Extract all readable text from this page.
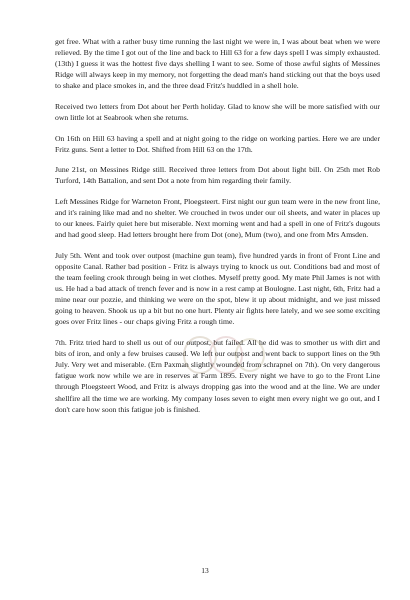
get free. What with a rather busy time running the last night we were in, I was about beat when we were relieved. By the time I got out of the line and back to Hill 63 for a few days spell I was simply exhausted. (13th) I guess it was the hottest five days shelling I want to see. Some of those awful sights of Messines Ridge will always keep in my memory, not forgetting the dead man's hand sticking out that the boys used to shake and place smokes in, and the three dead Fritz's huddled in a shell hole.

Received two letters from Dot about her Perth holiday. Glad to know she will be more satisfied with our own little lot at Seabrook when she returns.

On 16th on Hill 63 having a spell and at night going to the ridge on working parties. Here we are under Fritz guns. Sent a letter to Dot. Shifted from Hill 63 on the 17th.

June 21st, on Messines Ridge still. Received three letters from Dot about light bill. On 25th met Rob Turford, 14th Battalion, and sent Dot a note from him regarding their family.

Left Messines Ridge for Warneton Front, Ploegsteert. First night our gun team were in the new front line, and it's raining like mad and no shelter. We crouched in twos under our oil sheets, and water in places up to our knees. Fairly quiet here but miserable. Next morning went and had a spell in one of Fritz's dugouts and had good sleep. Had letters brought here from Dot (one), Mum (two), and one from Mrs Amsden.

July 5th. Went and took over outpost (machine gun team), five hundred yards in front of Front Line and opposite Canal. Rather bad position - Fritz is always trying to knock us out. Conditions bad and most of the team feeling crook through being in wet clothes. Myself pretty good. My mate Phil James is not with us. He had a bad attack of trench fever and is now in a rest camp at Boulogne. Last night, 6th, Fritz had a mine near our pozzie, and thinking we were on the spot, blew it up about midnight, and we just missed going to heaven. Shook us up a bit but no one hurt. Plenty air fights here lately, and we see some exciting goes over Fritz lines - our chaps giving Fritz a rough time.

7th. Fritz tried hard to shell us out of our outpost, but failed. All he did was to smother us with dirt and bits of iron, and only a few bruises caused. We left our outpost and went back to support lines on the 9th July. Very wet and miserable. (Ern Paxman slightly wounded from schrapnel on 7th). On very dangerous fatigue work now while we are in reserves at Farm 1895. Every night we have to go to the Front Line through Ploegsteert Wood, and Fritz is always dropping gas into the wood and at the line. We are under shellfire all the time we are working. My company loses seven to eight men every night we go out, and I don't care how soon this fatigue job is finished.

13
